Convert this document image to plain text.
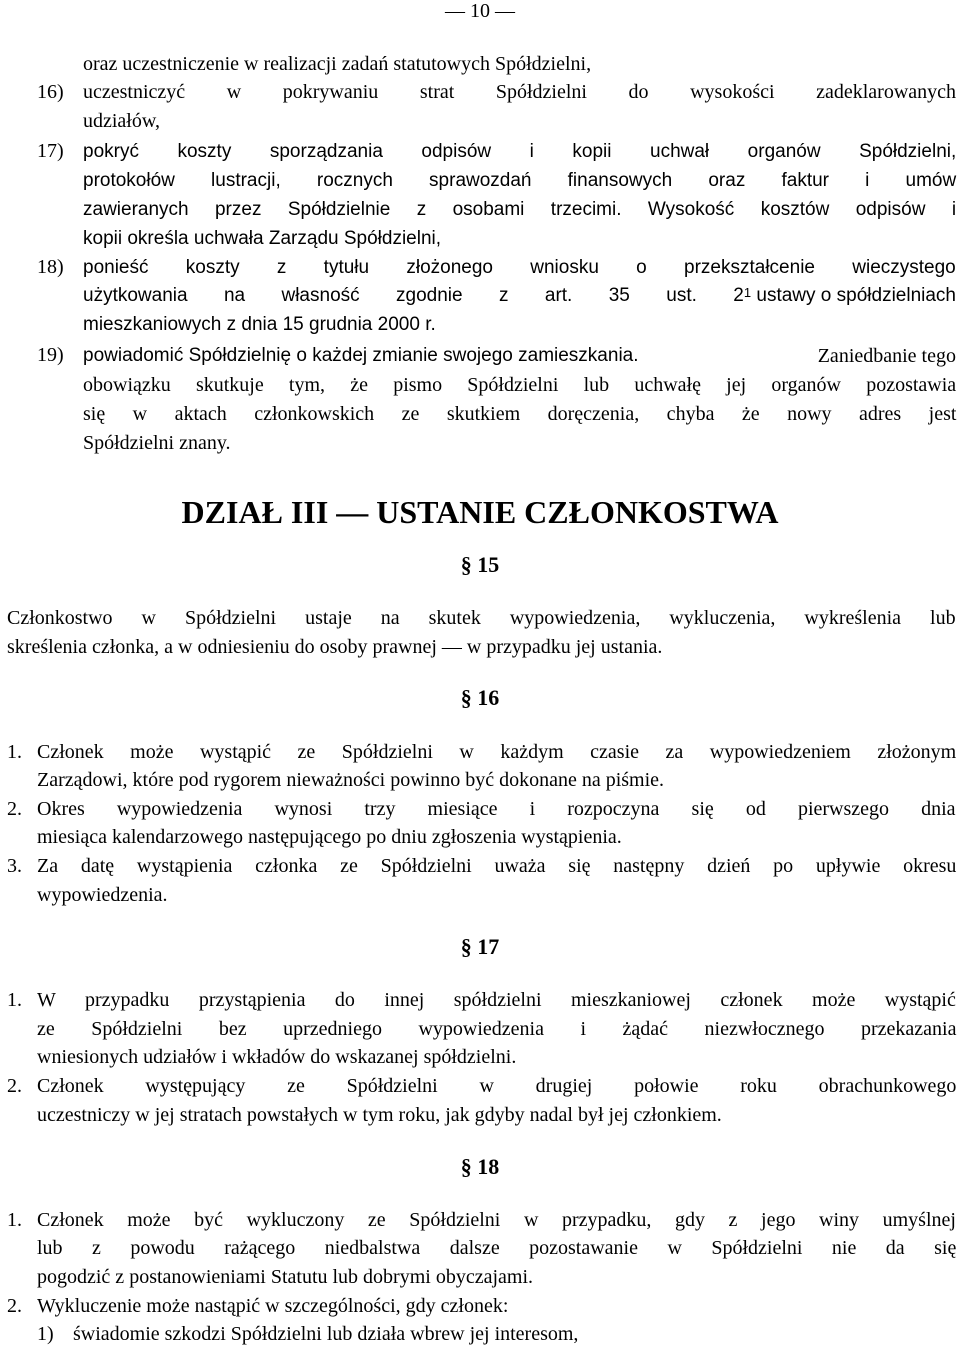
— 10 —
oraz uczestniczenie w realizacji zadań statutowych Spółdzielni,
16) uczestniczyć w pokrywaniu strat Spółdzielni do wysokości zadeklarowanych
udziałów,
17) pokryć koszty sporządzania odpisów i kopii uchwał organów Spółdzielni,
protokołów lustracji, rocznych sprawozdań finansowych oraz faktur i umów
zawieranych przez Spółdzielnie z osobami trzecimi. Wysokość kosztów odpisów i
kopii określa uchwała Zarządu Spółdzielni,
18) ponieść koszty z tytułu złożonego wniosku o przekształcenie wieczystego
użytkowania na własność zgodnie z art. 35 ust. 2 1 ustawy o spółdzielniach
mieszkaniowych z dnia 15 grudnia 2000 r.
19) powiadomić Spółdzielnię o każdej zmianie swojego zamieszkania.	Zaniedbanie tego
obowiązku skutkuje tym, że pismo Spółdzielni lub uchwałę jej organów pozostawia
się w aktach członkowskich ze skutkiem doręczenia, chyba że nowy adres jest
Spółdzielni znany.
DZIAŁ III — USTANIE CZŁONKOSTWA
§ 15
Członkostwo w Spółdzielni ustaje na skutek wypowiedzenia, wykluczenia, wykreślenia lub
skreślenia członka, a w odniesieniu do osoby prawnej — w przypadku jej ustania.
§ 16
1. Członek może wystąpić ze Spółdzielni w każdym czasie za wypowiedzeniem złożonym
Zarządowi, które pod rygorem nieważności powinno być dokonane na piśmie.
2. Okres wypowiedzenia wynosi trzy miesiące i rozpoczyna się od pierwszego dnia
miesiąca kalendarzowego następującego po dniu zgłoszenia wystąpienia.
3. Za datę wystąpienia członka ze Spółdzielni uważa się następny dzień po upływie okresu
wypowiedzenia.
§ 17
1. W przypadku przystąpienia do innej spółdzielni mieszkaniowej członek może wystąpić
ze Spółdzielni bez uprzedniego wypowiedzenia i żądać niezwłocznego przekazania
wniesionych udziałów i wkładów do wskazanej spółdzielni.
2. Członek występujący ze Spółdzielni w drugiej połowie roku obrachunkowego
uczestniczy w jej stratach powstałych w tym roku, jak gdyby nadal był jej członkiem.
§ 18
1. Członek może być wykluczony ze Spółdzielni w przypadku, gdy z jego winy umyślnej
lub z powodu rażącego niedbalstwa dalsze pozostawanie w Spółdzielni nie da się
pogodzić z postanowieniami Statutu lub dobrymi obyczajami.
2. Wykluczenie może nastąpić w szczególności, gdy członek:
1) świadomie szkodzi Spółdzielni lub działa wbrew jej interesom,
